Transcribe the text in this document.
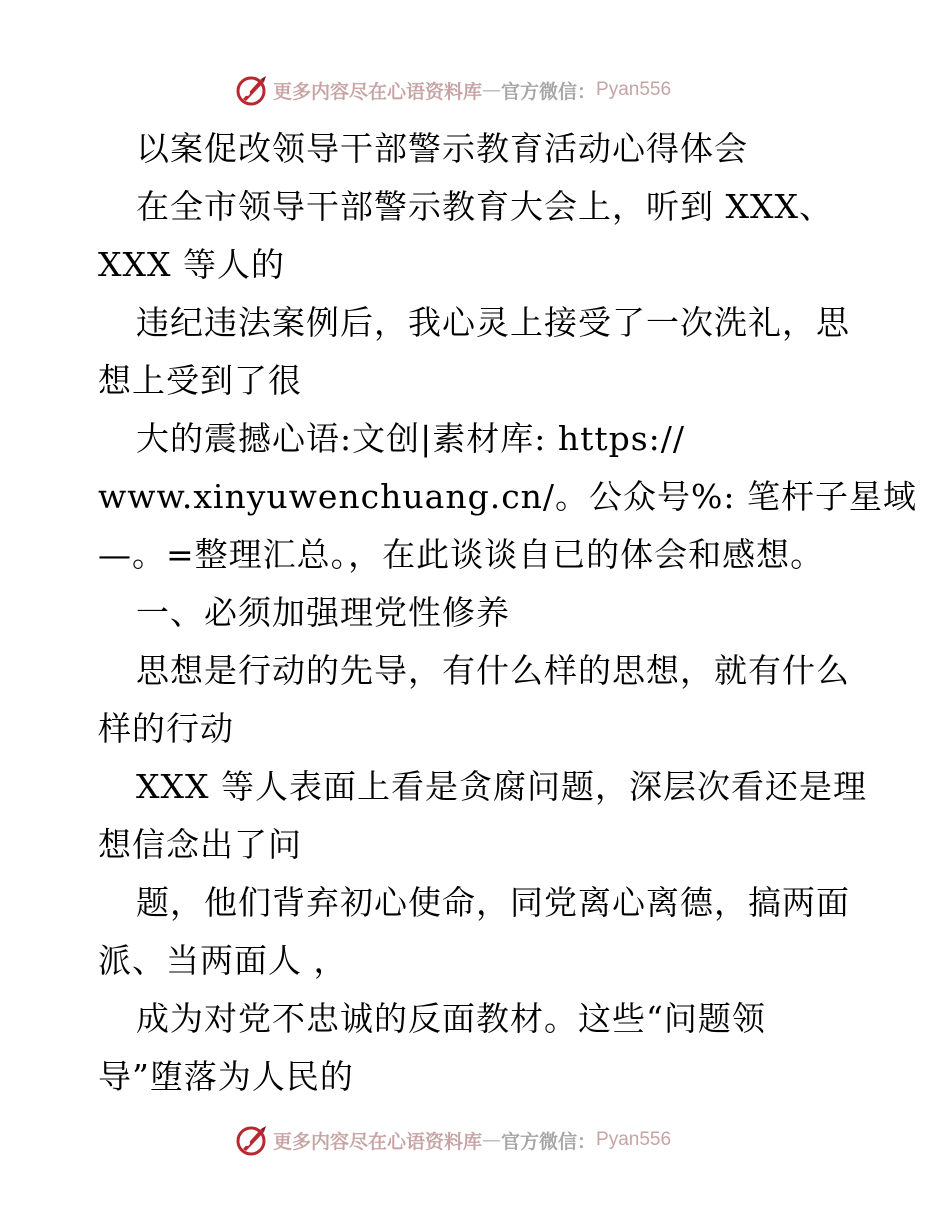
更多内容尽在心语资料库 — 官方微信： Pyan556
以案促改领导干部警示教育活动心得体会
在全市领导干部警示教育大会上，听到 XXX、
XXX 等人的
违纪违法案例后，我心灵上接受了一次洗礼，思
想上受到了很
大的震撼心语:文创|素材库: https://
www.xinyuwenchuang.cn/。公众号%: 笔杆子星域
—。=整理汇总。，在此谈谈自已的体会和感想。
一、必须加强理党性修养
思想是行动的先导，有什么样的思想，就有什么
样的行动
XXX 等人表面上看是贪腐问题，深层次看还是理
想信念出了问
题，他们背弃初心使命，同党离心离德，搞两面
派、当两面人 ，
成为对党不忠诚的反面教材。这些“问题领
导”堕落为人民的
更多内容尽在心语资料库 — 官方微信： Pyan556
